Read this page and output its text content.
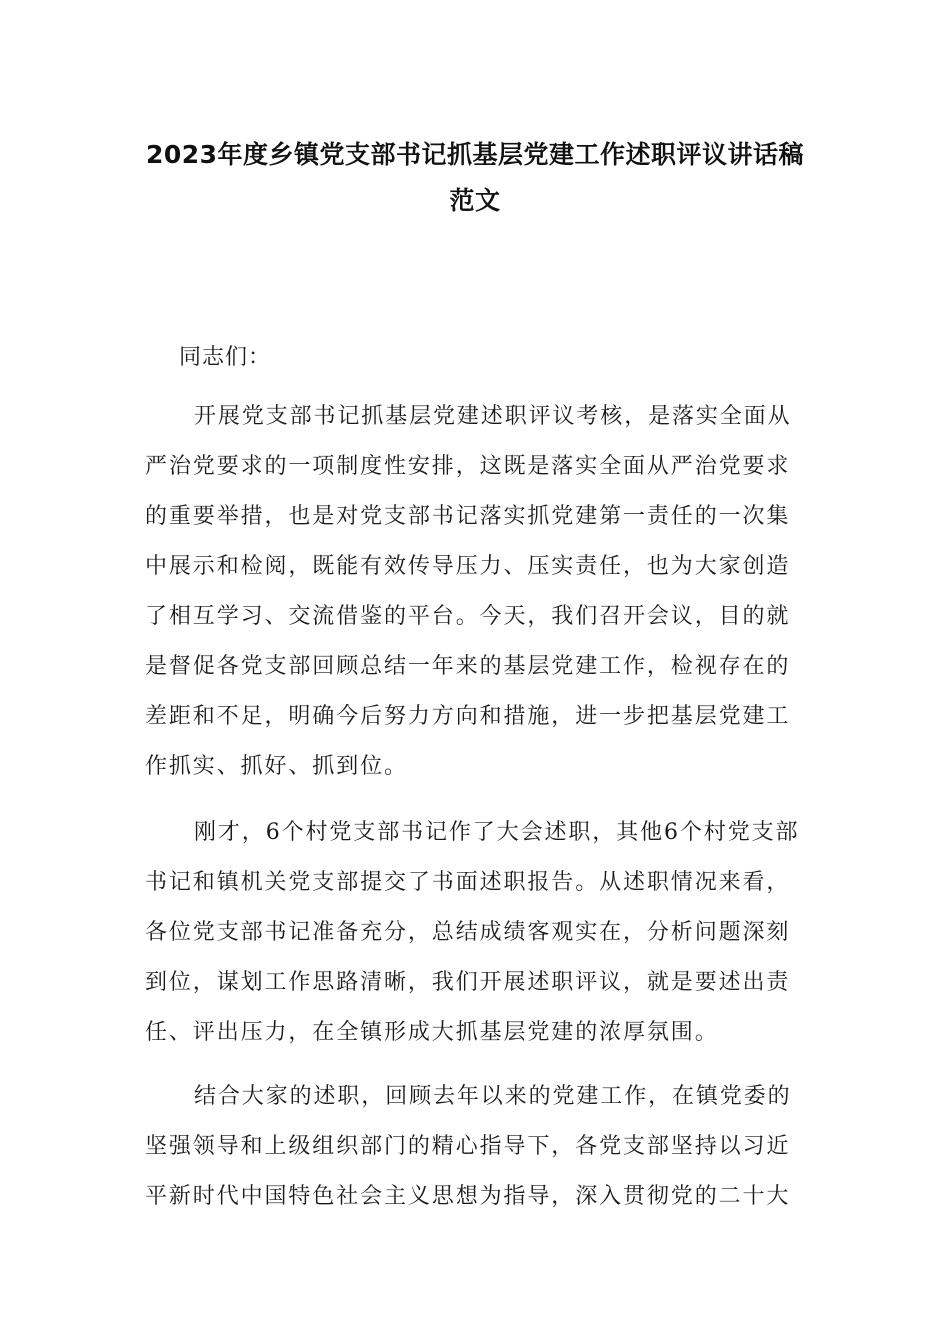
2023年度乡镇党支部书记抓基层党建工作述职评议讲话稿
范文
同志们：
开展党支部书记抓基层党建述职评议考核，是落实全面从
严治党要求的一项制度性安排，这既是落实全面从严治党要求
的重要举措，也是对党支部书记落实抓党建第一责任的一次集
中展示和检阅，既能有效传导压力、压实责任，也为大家创造
了相互学习、交流借鉴的平台。今天，我们召开会议，目的就
是督促各党支部回顾总结一年来的基层党建工作，检视存在的
差距和不足，明确今后努力方向和措施，进一步把基层党建工
作抓实、抓好、抓到位。
刚才，6个村党支部书记作了大会述职，其他6个村党支部
书记和镇机关党支部提交了书面述职报告。从述职情况来看，
各位党支部书记准备充分，总结成绩客观实在，分析问题深刻
到位，谋划工作思路清晰，我们开展述职评议，就是要述出责
任、评出压力，在全镇形成大抓基层党建的浓厚氛围。
结合大家的述职，回顾去年以来的党建工作，在镇党委的
坚强领导和上级组织部门的精心指导下，各党支部坚持以习近
平新时代中国特色社会主义思想为指导，深入贯彻党的二十大
